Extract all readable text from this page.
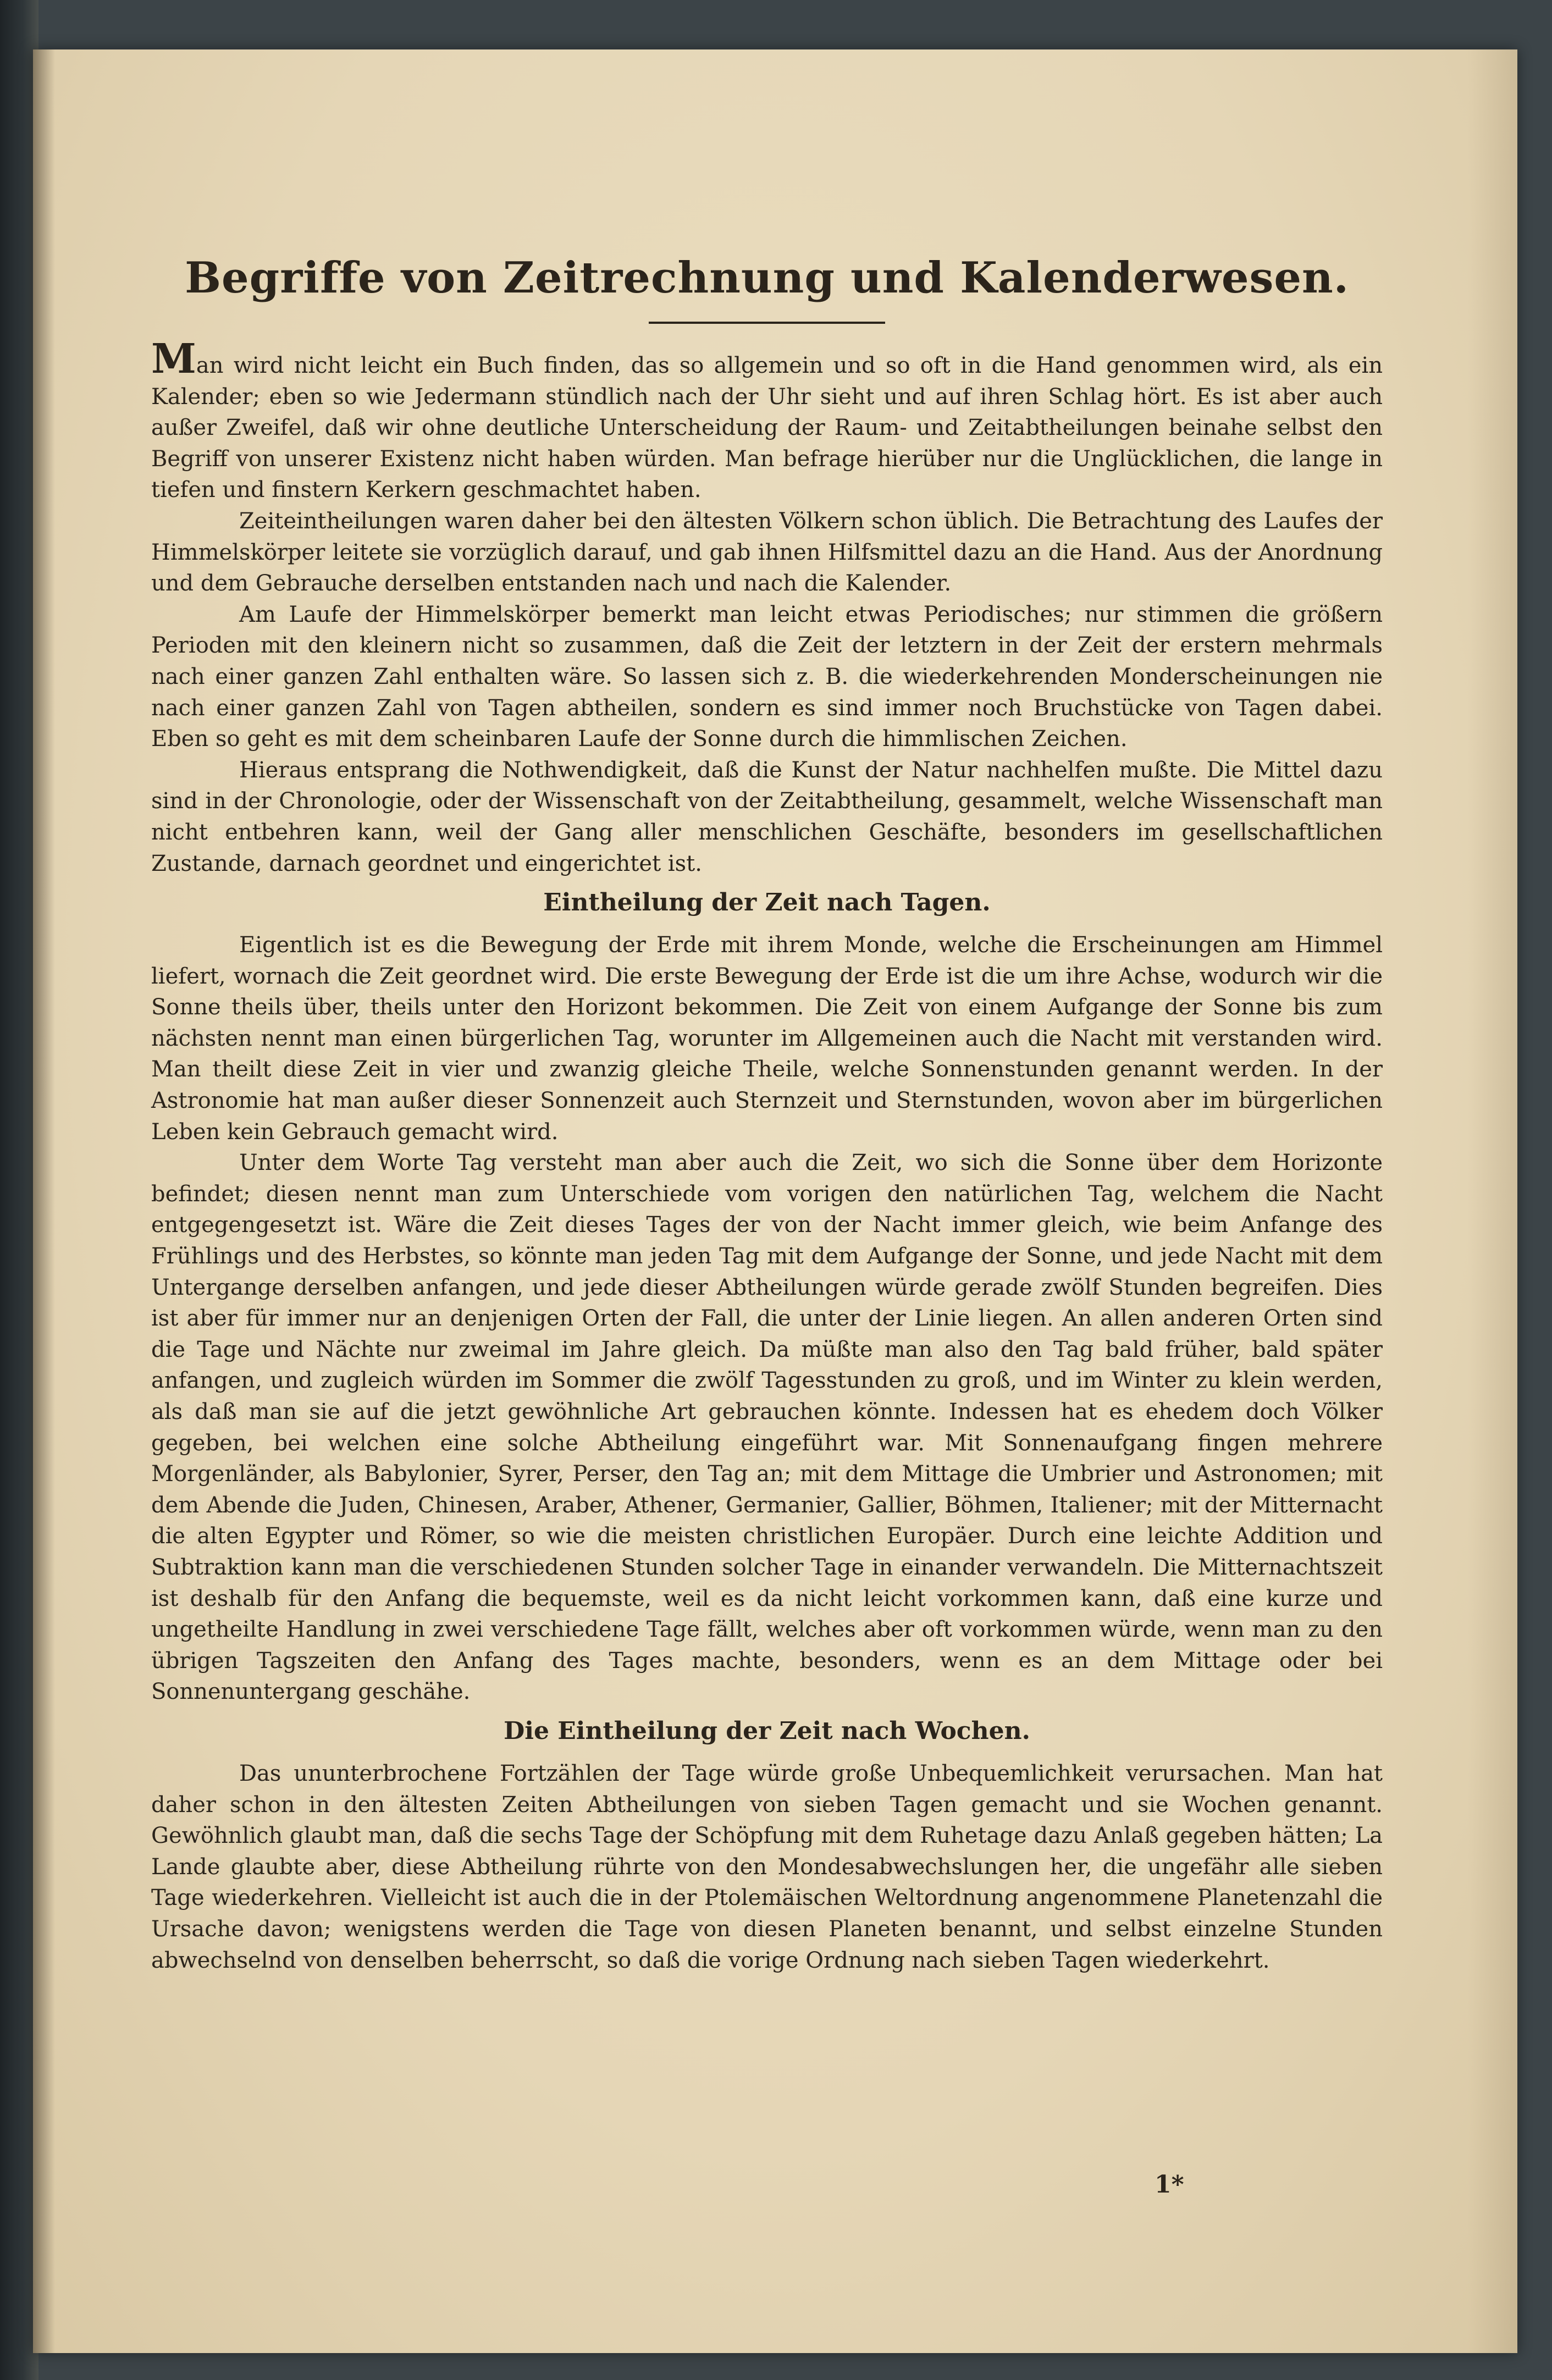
Begriffe von Zeitrechnung und Kalenderwesen.

Man wird nicht leicht ein Buch finden, das so allgemein und so oft in die Hand genommen wird, als ein Kalender; eben so wie Jedermann stündlich nach der Uhr sieht und auf ihren Schlag hört. Es ist aber auch außer Zweifel, daß wir ohne deutliche Unterscheidung der Raum- und Zeitabtheilungen beinahe selbst den Begriff von unserer Existenz nicht haben würden. Man befrage hierüber nur die Unglücklichen, die lange in tiefen und finstern Kerkern geschmachtet haben.

Zeiteintheilungen waren daher bei den ältesten Völkern schon üblich. Die Betrachtung des Laufes der Himmelskörper leitete sie vorzüglich darauf, und gab ihnen Hilfsmittel dazu an die Hand. Aus der Anordnung und dem Gebrauche derselben entstanden nach und nach die Kalender.

Am Laufe der Himmelskörper bemerkt man leicht etwas Periodisches; nur stimmen die größern Perioden mit den kleinern nicht so zusammen, daß die Zeit der letztern in der Zeit der erstern mehrmals nach einer ganzen Zahl enthalten wäre. So lassen sich z. B. die wiederkehrenden Monderscheinungen nie nach einer ganzen Zahl von Tagen abtheilen, sondern es sind immer noch Bruchstücke von Tagen dabei. Eben so geht es mit dem scheinbaren Laufe der Sonne durch die himmlischen Zeichen.

Hieraus entsprang die Nothwendigkeit, daß die Kunst der Natur nachhelfen mußte. Die Mittel dazu sind in der Chronologie, oder der Wissenschaft von der Zeitabtheilung, gesammelt, welche Wissenschaft man nicht entbehren kann, weil der Gang aller menschlichen Geschäfte, besonders im gesellschaftlichen Zustande, darnach geordnet und eingerichtet ist.

Eintheilung der Zeit nach Tagen.

Eigentlich ist es die Bewegung der Erde mit ihrem Monde, welche die Erscheinungen am Himmel liefert, wornach die Zeit geordnet wird. Die erste Bewegung der Erde ist die um ihre Achse, wodurch wir die Sonne theils über, theils unter den Horizont bekommen. Die Zeit von einem Aufgange der Sonne bis zum nächsten nennt man einen bürgerlichen Tag, worunter im Allgemeinen auch die Nacht mit verstanden wird. Man theilt diese Zeit in vier und zwanzig gleiche Theile, welche Sonnenstunden genannt werden. In der Astronomie hat man außer dieser Sonnenzeit auch Sternzeit und Sternstunden, wovon aber im bürgerlichen Leben kein Gebrauch gemacht wird.

Unter dem Worte Tag versteht man aber auch die Zeit, wo sich die Sonne über dem Horizonte befindet; diesen nennt man zum Unterschiede vom vorigen den natürlichen Tag, welchem die Nacht entgegengesetzt ist. Wäre die Zeit dieses Tages der von der Nacht immer gleich, wie beim Anfange des Frühlings und des Herbstes, so könnte man jeden Tag mit dem Aufgange der Sonne, und jede Nacht mit dem Untergange derselben anfangen, und jede dieser Abtheilungen würde gerade zwölf Stunden begreifen. Dies ist aber für immer nur an denjenigen Orten der Fall, die unter der Linie liegen. An allen anderen Orten sind die Tage und Nächte nur zweimal im Jahre gleich. Da müßte man also den Tag bald früher, bald später anfangen, und zugleich würden im Sommer die zwölf Tagesstunden zu groß, und im Winter zu klein werden, als daß man sie auf die jetzt gewöhnliche Art gebrauchen könnte. Indessen hat es ehedem doch Völker gegeben, bei welchen eine solche Abtheilung eingeführt war. Mit Sonnenaufgang fingen mehrere Morgenländer, als Babylonier, Syrer, Perser, den Tag an; mit dem Mittage die Umbrier und Astronomen; mit dem Abende die Juden, Chinesen, Araber, Athener, Germanier, Gallier, Böhmen, Italiener; mit der Mitternacht die alten Egypter und Römer, so wie die meisten christlichen Europäer. Durch eine leichte Addition und Subtraktion kann man die verschiedenen Stunden solcher Tage in einander verwandeln. Die Mitternachtszeit ist deshalb für den Anfang die bequemste, weil es da nicht leicht vorkommen kann, daß eine kurze und ungetheilte Handlung in zwei verschiedene Tage fällt, welches aber oft vorkommen würde, wenn man zu den übrigen Tagszeiten den Anfang des Tages machte, besonders, wenn es an dem Mittage oder bei Sonnenuntergang geschähe.

Die Eintheilung der Zeit nach Wochen.

Das ununterbrochene Fortzählen der Tage würde große Unbequemlichkeit verursachen. Man hat daher schon in den ältesten Zeiten Abtheilungen von sieben Tagen gemacht und sie Wochen genannt. Gewöhnlich glaubt man, daß die sechs Tage der Schöpfung mit dem Ruhetage dazu Anlaß gegeben hätten; La Lande glaubte aber, diese Abtheilung rührte von den Mondesabwechslungen her, die ungefähr alle sieben Tage wiederkehren. Vielleicht ist auch die in der Ptolemäischen Weltordnung angenommene Planetenzahl die Ursache davon; wenigstens werden die Tage von diesen Planeten benannt, und selbst einzelne Stunden abwechselnd von denselben beherrscht, so daß die vorige Ordnung nach sieben Tagen wiederkehrt.

1*
